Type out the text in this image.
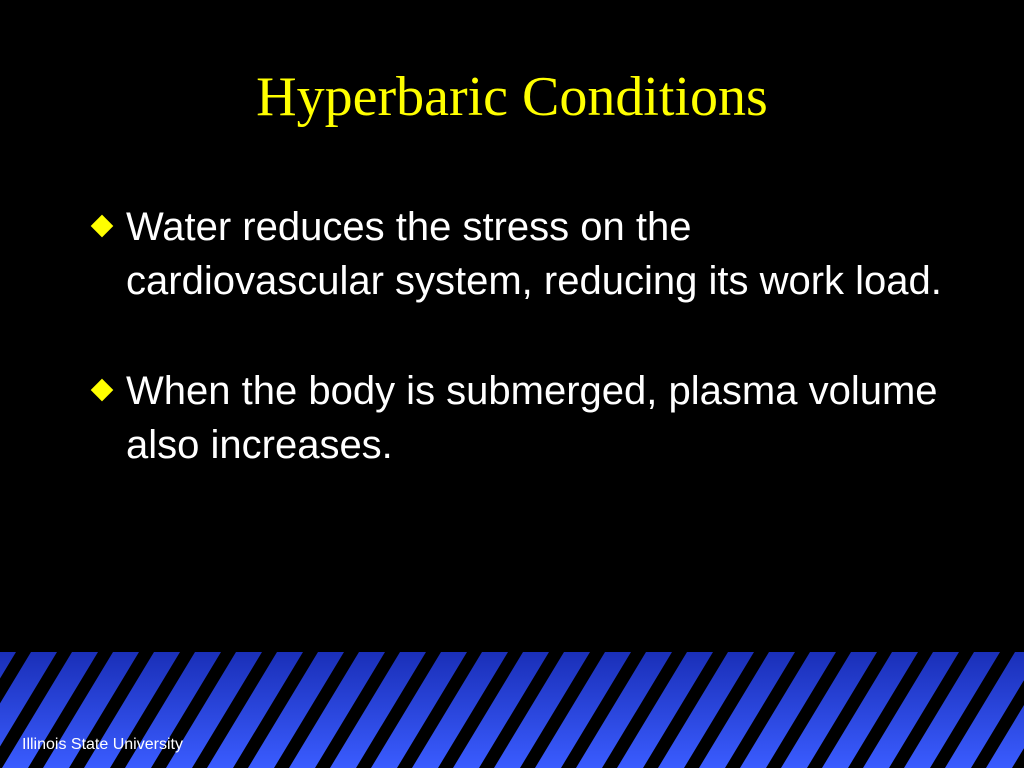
Hyperbaric Conditions
Water reduces the stress on the cardiovascular system, reducing its work load.
When the body is submerged, plasma volume also increases.
Illinois State University
